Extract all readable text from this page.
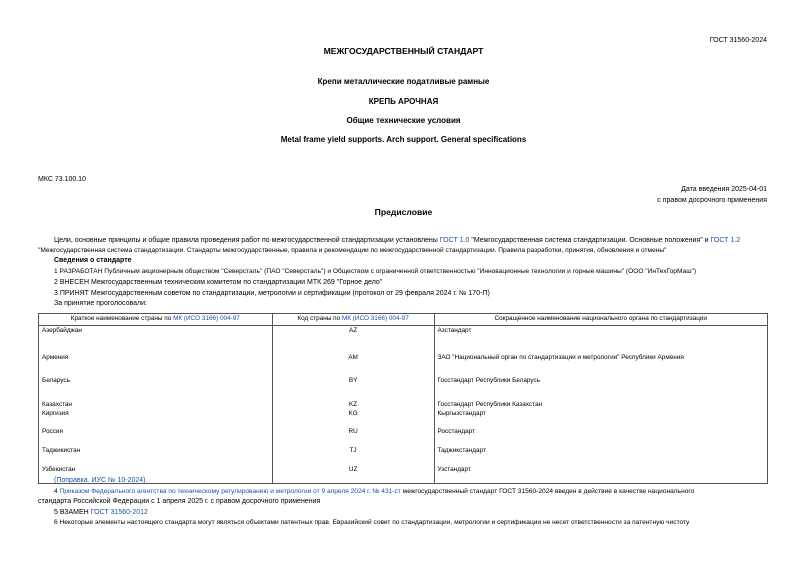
ГОСТ 31560-2024
МЕЖГОСУДАРСТВЕННЫЙ СТАНДАРТ
Крепи металлические податливые рамные
КРЕПЬ АРОЧНАЯ
Общие технические условия
Metal frame yield supports. Arch support. General specifications
МКС 73.100.10
Дата введения 2025-04-01
с правом досрочного применения
Предисловие
Цели, основные принципы и общие правила проведения работ по межгосударственной стандартизации установлены ГОСТ 1.0 "Межгосударственная система стандартизации. Основные положения" и ГОСТ 1.2
"Межгосударственная система стандартизации. Стандарты межгосударственные, правила и рекомендации по межгосударственной стандартизации. Правила разработки, принятия, обновления и отмены"
Сведения о стандарте
1 РАЗРАБОТАН Публичным акционерным обществом "Северсталь" (ПАО "Северсталь") и Обществом с ограниченной ответственностью "Инновационные технологии и горные машины" (ООО "ИнТехГорМаш")
2 ВНЕСЕН Межгосударственным техническим комитетом по стандартизации МТК 269 "Горное дело"
3 ПРИНЯТ Межгосударственным советом по стандартизации, метрологии и сертификации (протокол от 29 февраля 2024 г. № 170-П)
За принятие проголосовали:
Краткое наименование страны по МК (ИСО 3166) 004-97	Код страны по МК (ИСО 3166) 004-97	Сокращенное наименование национального органа по стандартизации
Азербайджан	AZ	Азстандарт
Армения	AM	ЗАО "Национальный орган по стандартизации и метрологии" Республики Армения
Беларусь	BY	Госстандарт Республики Беларусь
Казахстан	KZ	Госстандарт Республики Казахстан
Киргизия	KG	Кыргызстандарт
Россия	RU	Росстандарт
Таджикистан	TJ	Таджикстандарт
Узбекистан	UZ	Узстандарт
(Поправка. ИУС № 10-2024).
4 Приказом Федерального агентства по техническому регулированию и метрологии от 9 апреля 2024 г. № 431-ст межгосударственный стандарт ГОСТ 31560-2024 введен в действие в качестве национального
стандарта Российской Федерации с 1 апреля 2025 г. с правом досрочного применения
5 ВЗАМЕН ГОСТ 31560-2012
6 Некоторые элементы настоящего стандарта могут являться объектами патентных прав. Евразийский совет по стандартизации, метрологии и сертификации не несет ответственности за патентную чистоту
